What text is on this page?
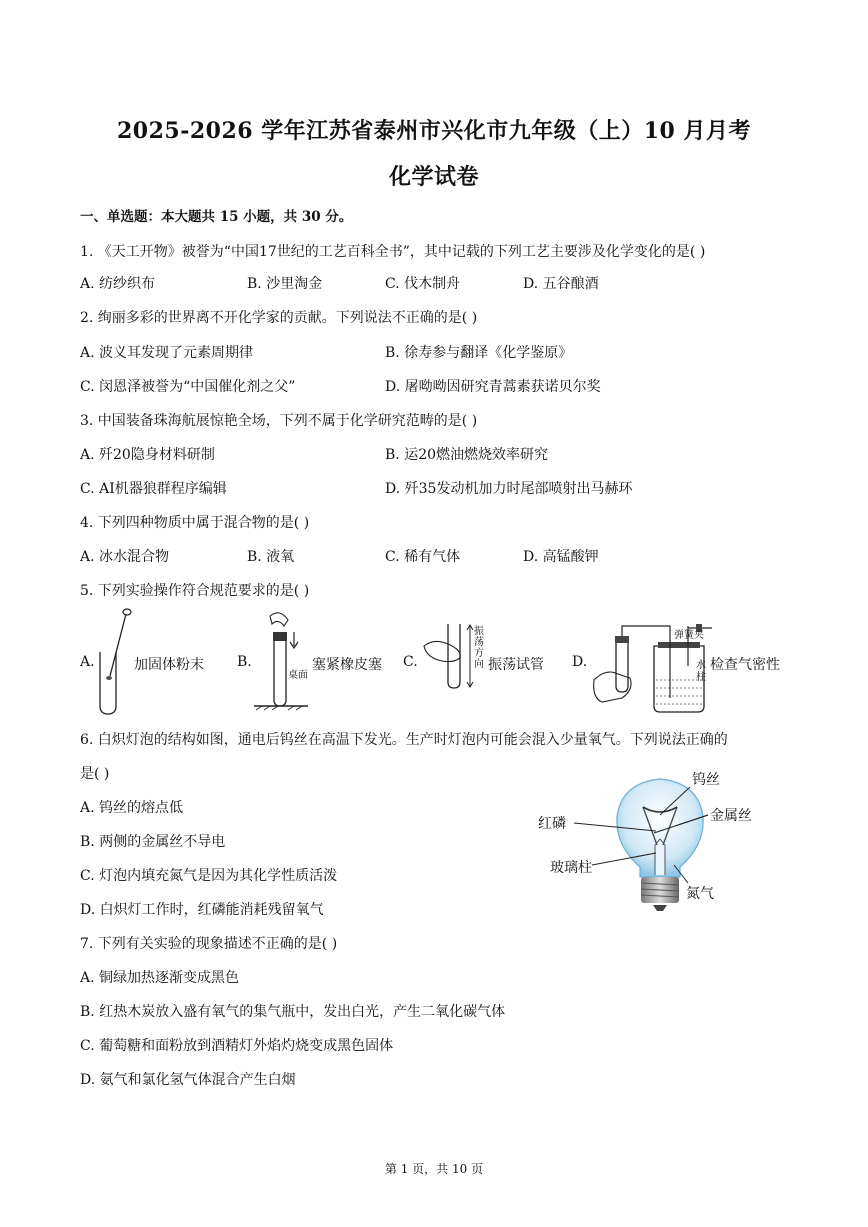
2025-2026 学年江苏省泰州市兴化市九年级（上）10 月月考
化学试卷
一、单选题：本大题共 15 小题，共 30 分。
1. 《天工开物》被誉为“中国17世纪的工艺百科全书”，其中记载的下列工艺主要涉及化学变化的是( )
A. 纺纱织布	B. 沙里淘金	C. 伐木制舟	D. 五谷酿酒
2. 绚丽多彩的世界离不开化学家的贡献。下列说法不正确的是( )
A. 波义耳发现了元素周期律	B. 徐寿参与翻译《化学鉴原》
C. 闵恩泽被誉为“中国催化剂之父”	D. 屠呦呦因研究青蒿素获诺贝尔奖
3. 中国装备珠海航展惊艳全场，下列不属于化学研究范畴的是( )
A. 歼20隐身材料研制	B. 运20燃油燃烧效率研究
C. AI机器狼群程序编辑	D. 歼35发动机加力时尾部喷射出马赫环
4. 下列四种物质中属于混合物的是( )
A. 冰水混合物	B. 液氧	C. 稀有气体	D. 高锰酸钾
5. 下列实验操作符合规范要求的是( )
A.	加固体粉末 B.
桌面
塞紧橡皮塞 C.
振荡方向 振荡试管 D.
弹簧夹
水柱
检查气密性
6. 白炽灯泡的结构如图，通电后钨丝在高温下发光。生产时灯泡内可能会混入少量氧气。下列说法正确的
是( )
A. 钨丝的熔点低
B. 两侧的金属丝不导电
C. 灯泡内填充氮气是因为其化学性质活泼
D. 白炽灯工作时，红磷能消耗残留氧气
钨丝
金属丝
红磷
玻璃柱
氮气
7. 下列有关实验的现象描述不正确的是( )
A. 铜绿加热逐渐变成黑色
B. 红热木炭放入盛有氧气的集气瓶中，发出白光，产生二氧化碳气体
C. 葡萄糖和面粉放到酒精灯外焰灼烧变成黑色固体
D. 氨气和氯化氢气体混合产生白烟
第 1 页，共 10 页
